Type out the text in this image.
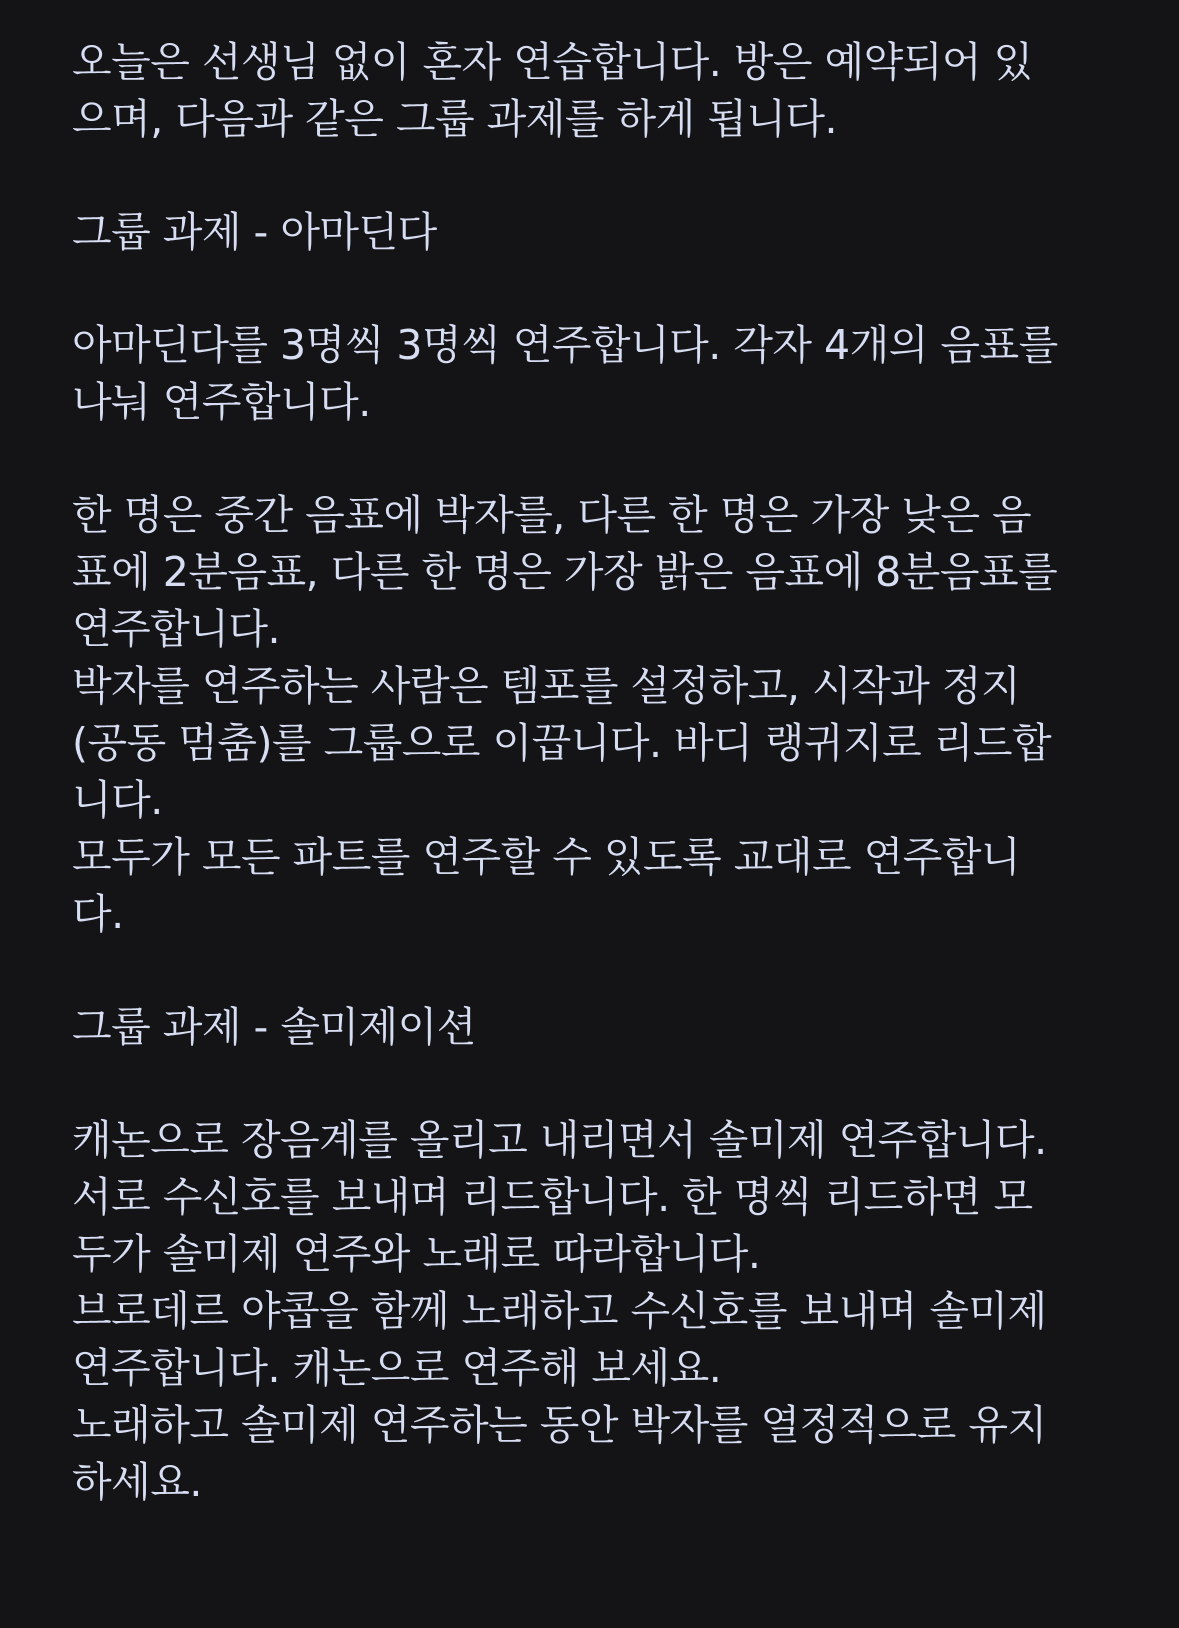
오늘은 선생님 없이 혼자 연습합니다. 방은 예약되어 있
으며, 다음과 같은 그룹 과제를 하게 됩니다.

그룹 과제 - 아마딘다

아마딘다를 3명씩 3명씩 연주합니다. 각자 4개의 음표를
나눠 연주합니다.

한 명은 중간 음표에 박자를, 다른 한 명은 가장 낮은 음
표에 2분음표, 다른 한 명은 가장 밝은 음표에 8분음표를
연주합니다.
박자를 연주하는 사람은 템포를 설정하고, 시작과 정지
(공동 멈춤)를 그룹으로 이끕니다. 바디 랭귀지로 리드합
니다.
모두가 모든 파트를 연주할 수 있도록 교대로 연주합니
다.

그룹 과제 - 솔미제이션

캐논으로 장음계를 올리고 내리면서 솔미제 연주합니다.
서로 수신호를 보내며 리드합니다. 한 명씩 리드하면 모
두가 솔미제 연주와 노래로 따라합니다.
브로데르 야콥을 함께 노래하고 수신호를 보내며 솔미제
연주합니다. 캐논으로 연주해 보세요.
노래하고 솔미제 연주하는 동안 박자를 열정적으로 유지
하세요.
